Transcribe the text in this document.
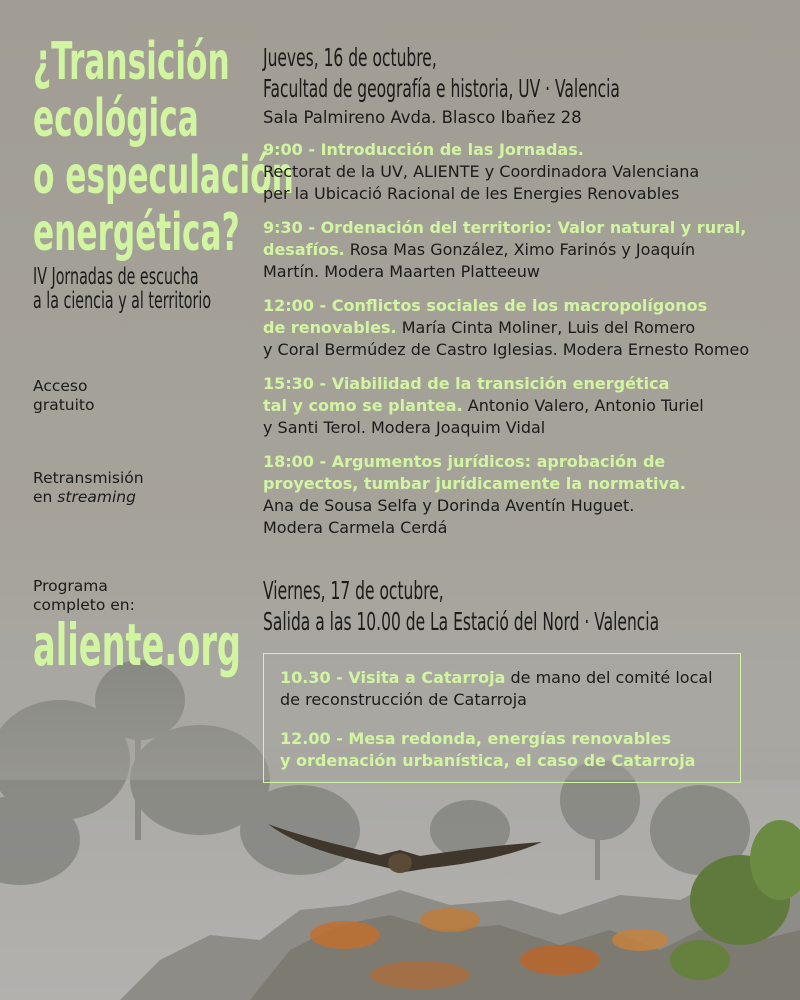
¿Transición
ecológica
o especulación
energética?
IV Jornadas de escucha
a la ciencia y al territorio
Acceso
gratuito
Retransmisión
en streaming
Programa
completo en:
aliente.org
Jueves, 16 de octubre,
Facultad de geografía e historia, UV · Valencia
Sala Palmireno Avda. Blasco Ibañez 28
9:00 - Introducción de las Jornadas.
Rectorat de la UV, ALIENTE y Coordinadora Valenciana
per la Ubicació Racional de les Energies Renovables
9:30 - Ordenación del territorio: Valor natural y rural,
desafíos. Rosa Mas González, Ximo Farinós y Joaquín
Martín. Modera Maarten Platteeuw
12:00 - Conflictos sociales de los macropolígonos
de renovables. María Cinta Moliner, Luis del Romero
y Coral Bermúdez de Castro Iglesias. Modera Ernesto Romeo
15:30 - Viabilidad de la transición energética
tal y como se plantea. Antonio Valero, Antonio Turiel
y Santi Terol. Modera Joaquim Vidal
18:00 - Argumentos jurídicos: aprobación de
proyectos, tumbar jurídicamente la normativa.
Ana de Sousa Selfa y Dorinda Aventín Huguet.
Modera Carmela Cerdá
Viernes, 17 de octubre,
Salida a las 10.00 de La Estació del Nord · Valencia
10.30 - Visita a Catarroja de mano del comité local
de reconstrucción de Catarroja
12.00 - Mesa redonda, energías renovables
y ordenación urbanística, el caso de Catarroja
